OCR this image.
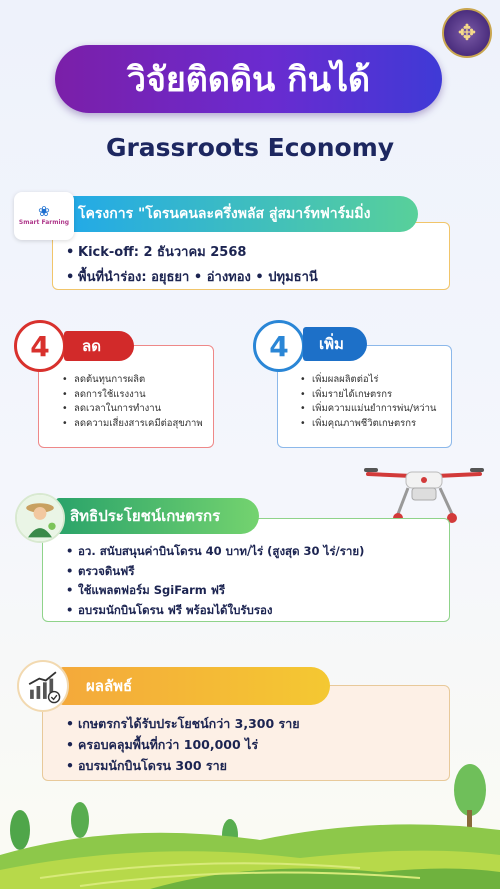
✥
วิจัยติดดิน กินได้
Grassroots Economy
โครงการ "โดรนคนละครึ่งพลัส สู่สมาร์ทฟาร์มมิ่ง
❀
Smart Farming
• Kick-off: 2 ธันวาคม 2568
• พื้นที่นำร่อง: อยุธยา • อ่างทอง • ปทุมธานี
4	ลด
• ลดต้นทุนการผลิต
• ลดการใช้แรงงาน
• ลดเวลาในการทำงาน
• ลดความเสี่ยงสารเคมีต่อสุขภาพ
4	เพิ่ม
• เพิ่มผลผลิตต่อไร่
• เพิ่มรายได้เกษตรกร
• เพิ่มความแม่นยำการพ่น/หว่าน
• เพิ่มคุณภาพชีวิตเกษตรกร
สิทธิประโยชน์เกษตรกร
• อว. สนับสนุนค่าบินโดรน 40 บาท/ไร่ (สูงสุด 30 ไร่/ราย)
• ตรวจดินฟรี
• ใช้แพลตฟอร์ม SgiFarm ฟรี
• อบรมนักบินโดรน ฟรี พร้อมได้ใบรับรอง
ผลลัพธ์
• เกษตรกรได้รับประโยชน์กว่า 3,300 ราย
• ครอบคลุมพื้นที่กว่า 100,000 ไร่
• อบรมนักบินโดรน 300 ราย
